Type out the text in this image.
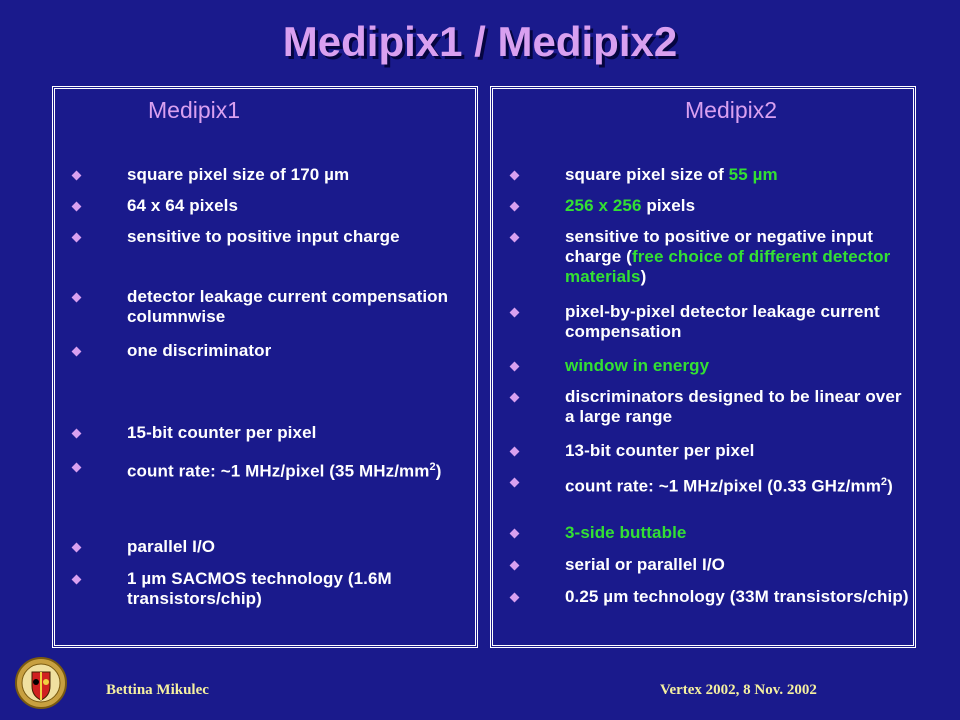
Medipix1 / Medipix2
Medipix1
square pixel size of 170 µm
64 x 64 pixels
sensitive to positive input charge
detector leakage current compensation columnwise
one discriminator
15-bit counter per pixel
count rate: ~1 MHz/pixel (35 MHz/$mm^2$)
parallel I/O
1 µm SACMOS technology (1.6M transistors/chip)
Medipix2
square pixel size of 55 µm
256 x 256 pixels
sensitive to positive or negative input charge (free choice of different detector materials)
pixel-by-pixel detector leakage current compensation
window in energy
discriminators designed to be linear over a large range
13-bit counter per pixel
count rate: ~1 MHz/pixel (0.33 GHz/$mm^2$)
3-side buttable
serial or parallel I/O
0.25 µm technology (33M transistors/chip)
Bettina Mikulec	Vertex 2002, 8 Nov. 2002
